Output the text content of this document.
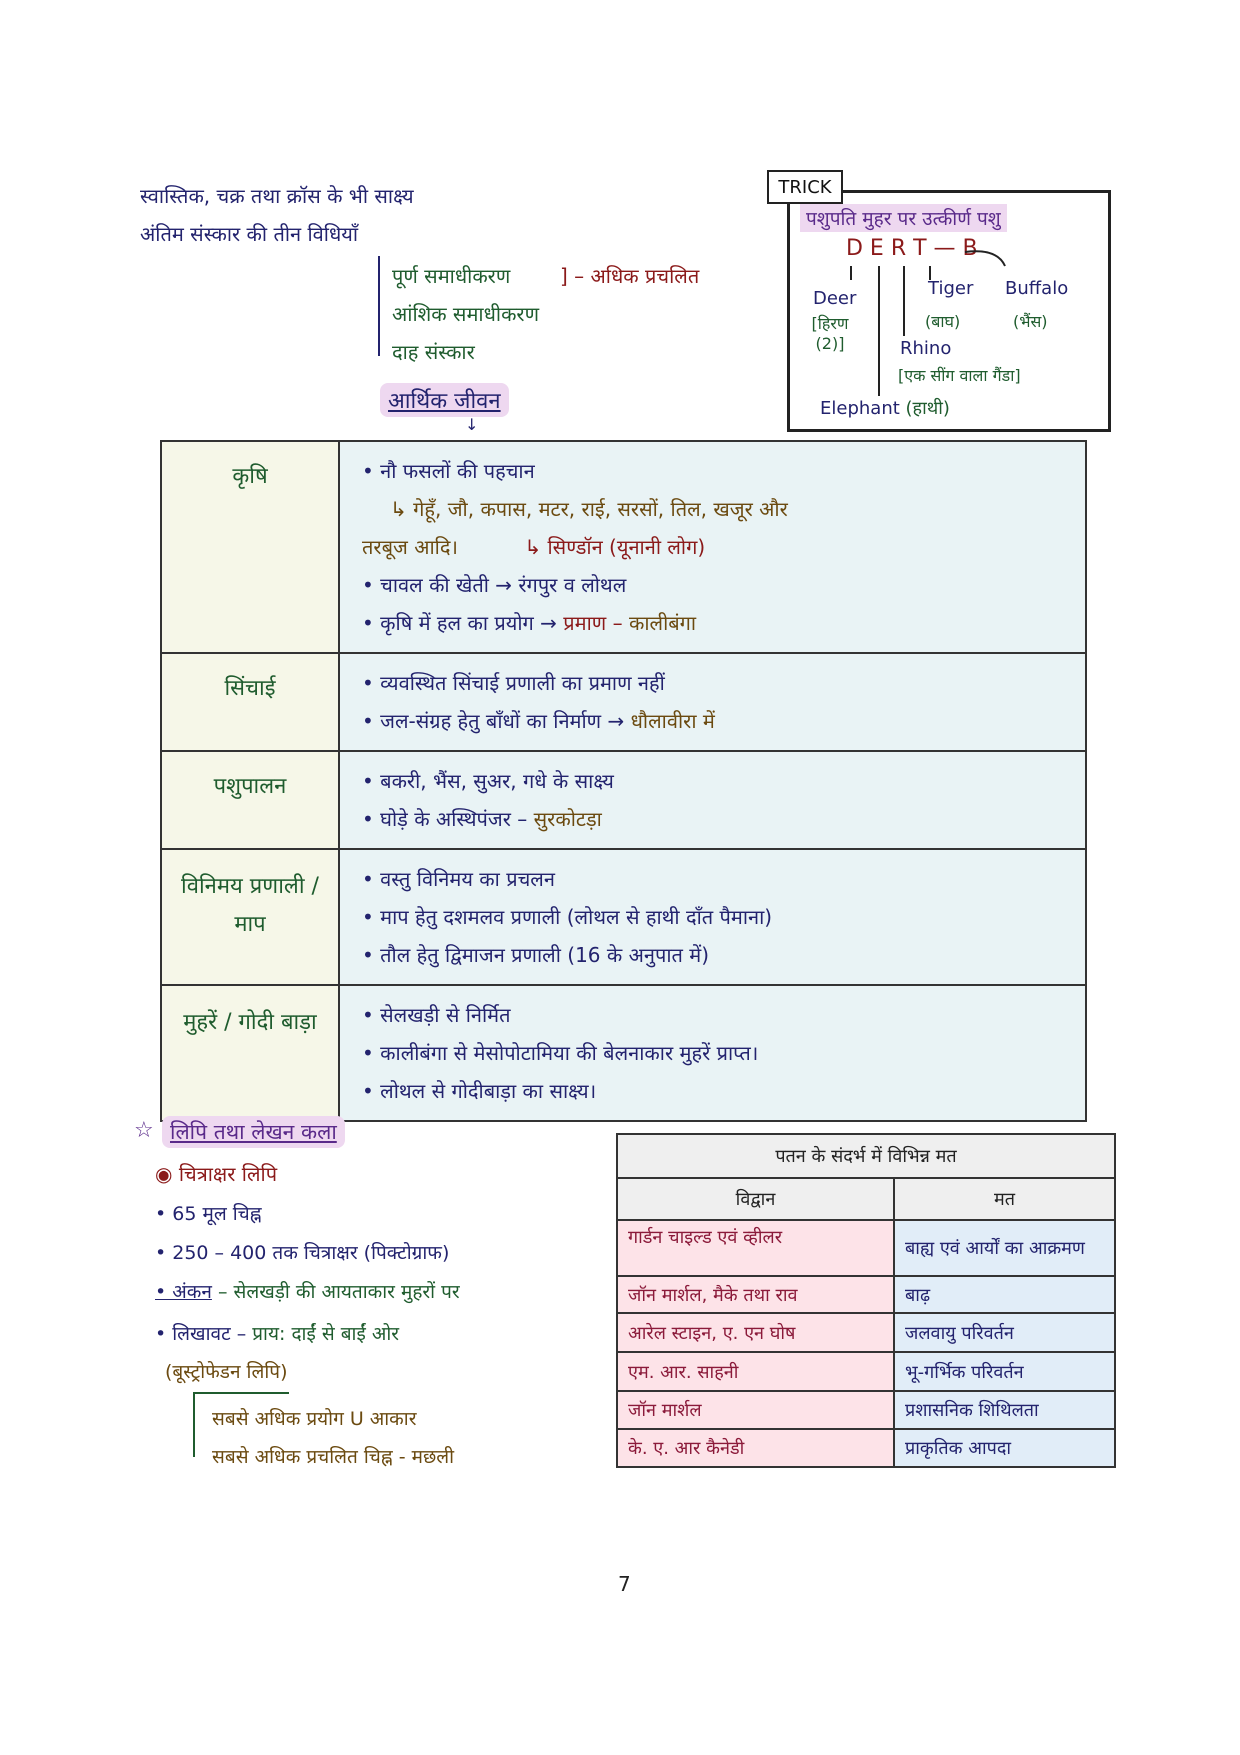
स्वास्तिक, चक्र तथा क्रॉस के भी साक्ष्य
अंतिम संस्कार की तीन विधियाँ
पूर्ण समाधीकरण ] – अधिक प्रचलित
आंशिक समाधीकरण
दाह संस्कार
आर्थिक जीवन
↓
TRICK
पशुपति मुहर पर उत्कीर्ण पशु
D E R T — B
Deer
[हिरण (2)]
Tiger
(बाघ)
Buffalo
(भैंस)
Rhino
[एक सींग वाला गैंडा]
Elephant (हाथी)
कृषि	• नौ फसलों की पहचान
↳ गेहूँ, जौ, कपास, मटर, राई, सरसों, तिल, खजूर और
तरबूज आदि। ↳ सिण्डॉन (यूनानी लोग)
• चावल की खेती → रंगपुर व लोथल
• कृषि में हल का प्रयोग → प्रमाण – कालीबंगा

सिंचाई	• व्यवस्थित सिंचाई प्रणाली का प्रमाण नहीं
• जल-संग्रह हेतु बाँधों का निर्माण → धौलावीरा में

पशुपालन	• बकरी, भैंस, सुअर, गधे के साक्ष्य
• घोड़े के अस्थिपंजर – सुरकोटड़ा

विनिमय प्रणाली / माप	• वस्तु विनिमय का प्रचलन
• माप हेतु दशमलव प्रणाली (लोथल से हाथी दाँत पैमाना)
• तौल हेतु द्विमाजन प्रणाली (16 के अनुपात में)

मुहरें / गोदी बाड़ा	• सेलखड़ी से निर्मित
• कालीबंगा से मेसोपोटामिया की बेलनाकार मुहरें प्राप्त।
• लोथल से गोदीबाड़ा का साक्ष्य।
☆ लिपि तथा लेखन कला
◉ चित्राक्षर लिपि
• 65 मूल चिह्न
• 250 – 400 तक चित्राक्षर (पिक्टोग्राफ)
• अंकन – सेलखड़ी की आयताकार मुहरों पर
• लिखावट – प्राय: दाईं से बाईं ओर
(बूस्ट्रोफेडन लिपि)
सबसे अधिक प्रयोग U आकार
सबसे अधिक प्रचलित चिह्न - मछली
पतन के संदर्भ में विभिन्न मत	
विद्वान	मत
गार्डन चाइल्ड एवं व्हीलर	बाह्य एवं आर्यों का आक्रमण
जॉन मार्शल, मैके तथा राव	बाढ़
आरेल स्टाइन, ए. एन घोष	जलवायु परिवर्तन
एम. आर. साहनी	भू-गर्भिक परिवर्तन
जॉन मार्शल	प्रशासनिक शिथिलता
के. ए. आर कैनेडी	प्राकृतिक आपदा
7
